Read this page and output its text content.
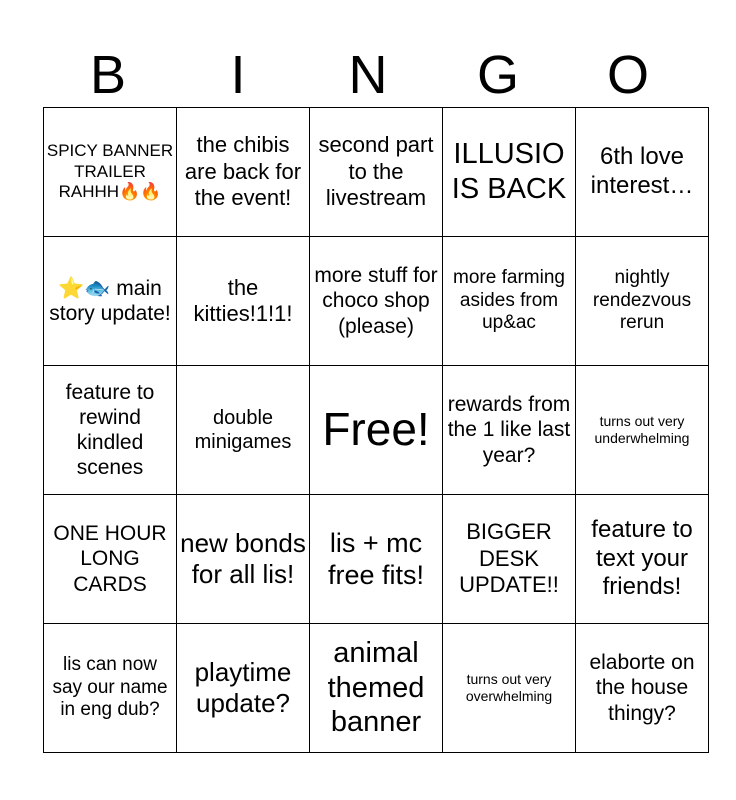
B	I	N	G	O
SPICY BANNER TRAILER RAHHH🔥🔥	the chibis are back for the event!	second part to the livestream	ILLUSIO IS BACK	6th love interest…
⭐🐟 main story update!	the kitties!1!1!	more stuff for choco shop (please)	more farming asides from up&ac	nightly rendezvous rerun
feature to rewind kindled scenes	double minigames	Free!	rewards from the 1 like last year?	turns out very underwhelming
ONE HOUR LONG CARDS	new bonds for all lis!	lis + mc free fits!	BIGGER DESK UPDATE!!	feature to text your friends!
lis can now say our name in eng dub?	playtime update?	animal themed banner	turns out very overwhelming	elaborte on the house thingy?
